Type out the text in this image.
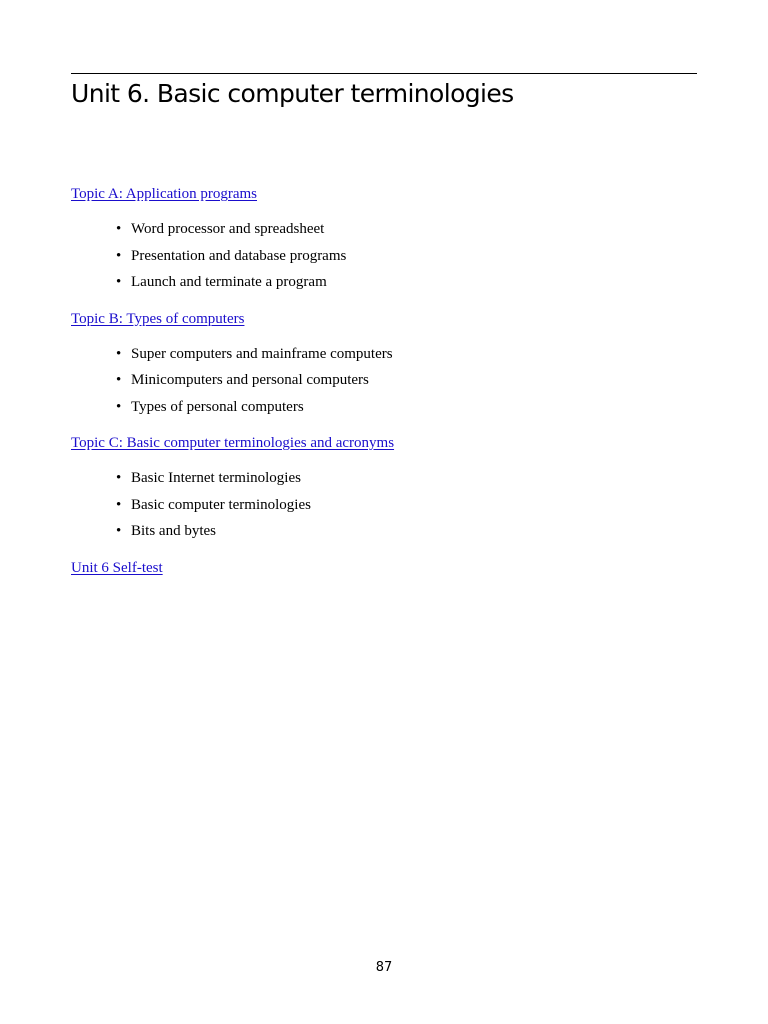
Unit 6. Basic computer terminologies
Topic A: Application programs
• Word processor and spreadsheet
• Presentation and database programs
• Launch and terminate a program
Topic B: Types of computers
• Super computers and mainframe computers
• Minicomputers and personal computers
• Types of personal computers
Topic C: Basic computer terminologies and acronyms
• Basic Internet terminologies
• Basic computer terminologies
• Bits and bytes
Unit 6 Self-test
87
